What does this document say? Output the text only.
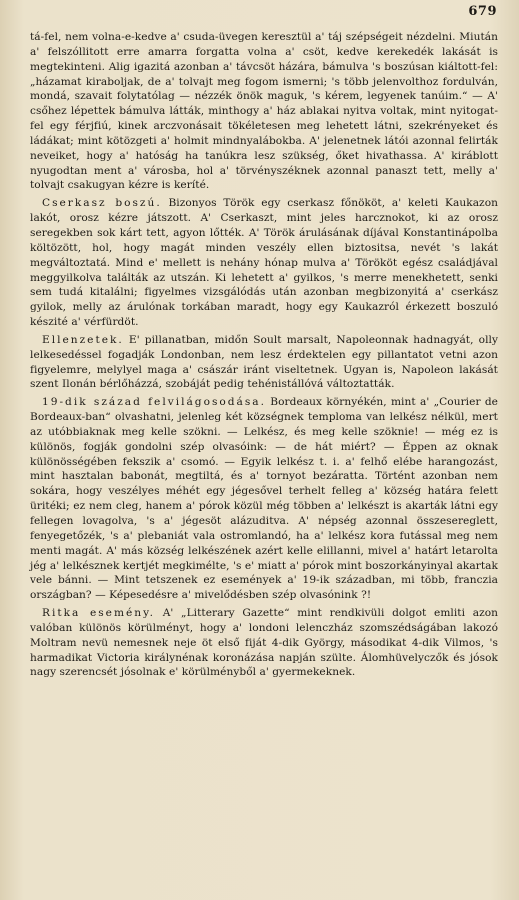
679

tá-fel, nem volna-e-kedve a' csuda-üvegen keresztül a' táj szépségeit nézdelni. Miután a' felszóllitott erre amarra forgatta volna a' csöt, kedve kerekedék lakását is megtekinteni. Alig igazitá azonban a' távcsöt házára, bámulva 's boszúsan kiáltott-fel: „házamat kiraboljak, de a' tolvajt meg fogom ismerni; 's több jelenvolthoz fordulván, mondá, szavait folytatólag — nézzék önök maguk, 's kérem, legyenek tanúim.“ — A' csőhez lépettek bámulva látták, minthogy a' ház ablakai nyitva voltak, mint nyitogat-fel egy férjfiú, kinek arczvonásait tökéletesen meg lehetett látni, szekrényeket és ládákat; mint kötözgeti a' holmit mindnyalábokba. A' jelenetnek látói azonnal felirták neveiket, hogy a' hatóság ha tanúkra lesz szükség, őket hivathassa. A' kiráblott nyugodtan ment a' városba, hol a' törvényszéknek azonnal panaszt tett, melly a' tolvajt csakugyan kézre is keríté.

Cserkasz boszú. Bizonyos Török egy cserkasz főnököt, a' keleti Kaukazon lakót, orosz kézre játszott. A' Cserkaszt, mint jeles harcznokot, ki az orosz seregekben sok kárt tett, agyon lőtték. A' Török árulásának díjával Konstantinápolba költözött, hol, hogy magát minden veszély ellen biztositsa, nevét 's lakát megváltoztatá. Mind e' mellett is nehány hónap mulva a' Törököt egész családjával meggyilkolva találták az utszán. Ki lehetett a' gyilkos, 's merre menekhetett, senki sem tudá kitalálni; figyelmes vizsgálódás után azonban megbizonyitá a' cserkász gyilok, melly az árulónak torkában maradt, hogy egy Kaukazról érkezett boszuló készité a' vérfürdöt.

Ellenzetek. E' pillanatban, midőn Soult marsalt, Napoleonnak hadnagyát, olly lelkesedéssel fogadják Londonban, nem lesz érdektelen egy pillantatot vetni azon figyelemre, melylyel maga a' császár iránt viseltetnek. Ugyan is, Napoleon lakását szent Ilonán bérlőházzá, szobáját pedig tehénistállóvá változtatták.

19-dik század felvilágosodása. Bordeaux környékén, mint a' „Courier de Bordeaux-ban“ olvashatni, jelenleg két községnek temploma van lelkész nélkül, mert az utóbbiaknak meg kelle szökni. — Lelkész, és meg kelle szöknie! — még ez is különös, fogják gondolni szép olvasóink: — de hát miért? — Éppen az oknak különösségében fekszik a' csomó. — Egyik lelkész t. i. a' felhő elébe harangozást, mint hasztalan babonát, megtiltá, és a' tornyot bezáratta. Történt azonban nem sokára, hogy veszélyes méhét egy jégesővel terhelt felleg a' község határa felett üritéki; ez nem cleg, hanem a' pórok közül még többen a' lelkészt is akarták látni egy fellegen lovagolva, 's a' jégesöt alázuditva. A' népség azonnal összesereglett, fenyegetőzék, 's a' plebaniát vala ostromlandó, ha a' lelkész kora futással meg nem menti magát. A' más község lelkészének azért kelle elillanni, mivel a' határt letarolta jég a' lelkésznek kertjét megkimélte, 's e' miatt a' pórok mint boszorkányinyal akartak vele bánni. — Mint tetszenek ez események a' 19-ik században, mi több, franczia országban? — Képesedésre a' mivelődésben szép olvasónink ?!

Ritka esemény. A' „Litterary Gazette“ mint rendkivüli dolgot emliti azon valóban különös körülményt, hogy a' londoni lelenczház szomszédságában lakozó Moltram nevü nemesnek neje öt első fiját 4-dik György, másodikat 4-dik Vilmos, 's harmadikat Victoria királynénak koronázása napján szülte. Álomhüvelyczők és jósok nagy szerencsét jósolnak e' körülményből a' gyermekeknek.
